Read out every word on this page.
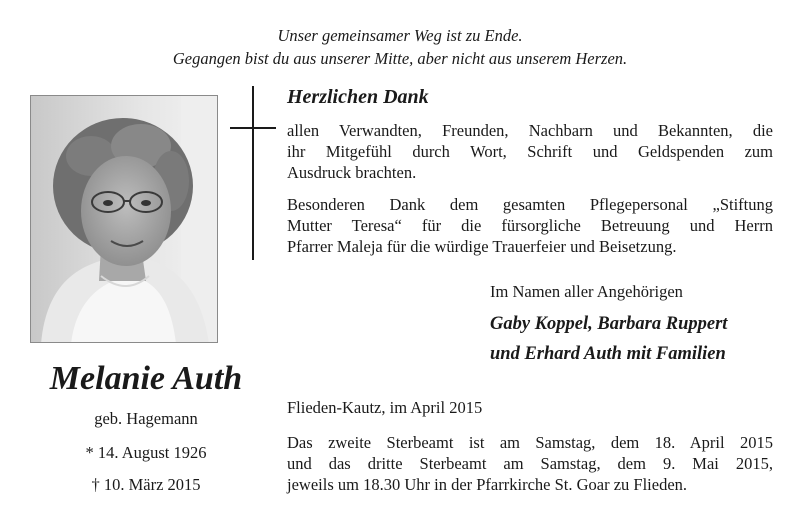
Unser gemeinsamer Weg ist zu Ende.
Gegangen bist du aus unserer Mitte, aber nicht aus unserem Herzen.
Herzlichen Dank
allen Verwandten, Freunden, Nachbarn und Bekannten, die
ihr Mitgefühl durch Wort, Schrift und Geldspenden zum
Ausdruck brachten.
Besonderen Dank dem gesamten Pflegepersonal „Stiftung
Mutter Teresa“ für die fürsorgliche Betreuung und Herrn
Pfarrer Maleja für die würdige Trauerfeier und Beisetzung.
Im Namen aller Angehörigen
Gaby Koppel, Barbara Ruppert
und Erhard Auth mit Familien
Melanie Auth
geb. Hagemann
* 14. August 1926
† 10. März 2015
Flieden-Kautz, im April 2015
Das zweite Sterbeamt ist am Samstag, dem 18. April 2015
und das dritte Sterbeamt am Samstag, dem 9. Mai 2015,
jeweils um 18.30 Uhr in der Pfarrkirche St. Goar zu Flieden.
